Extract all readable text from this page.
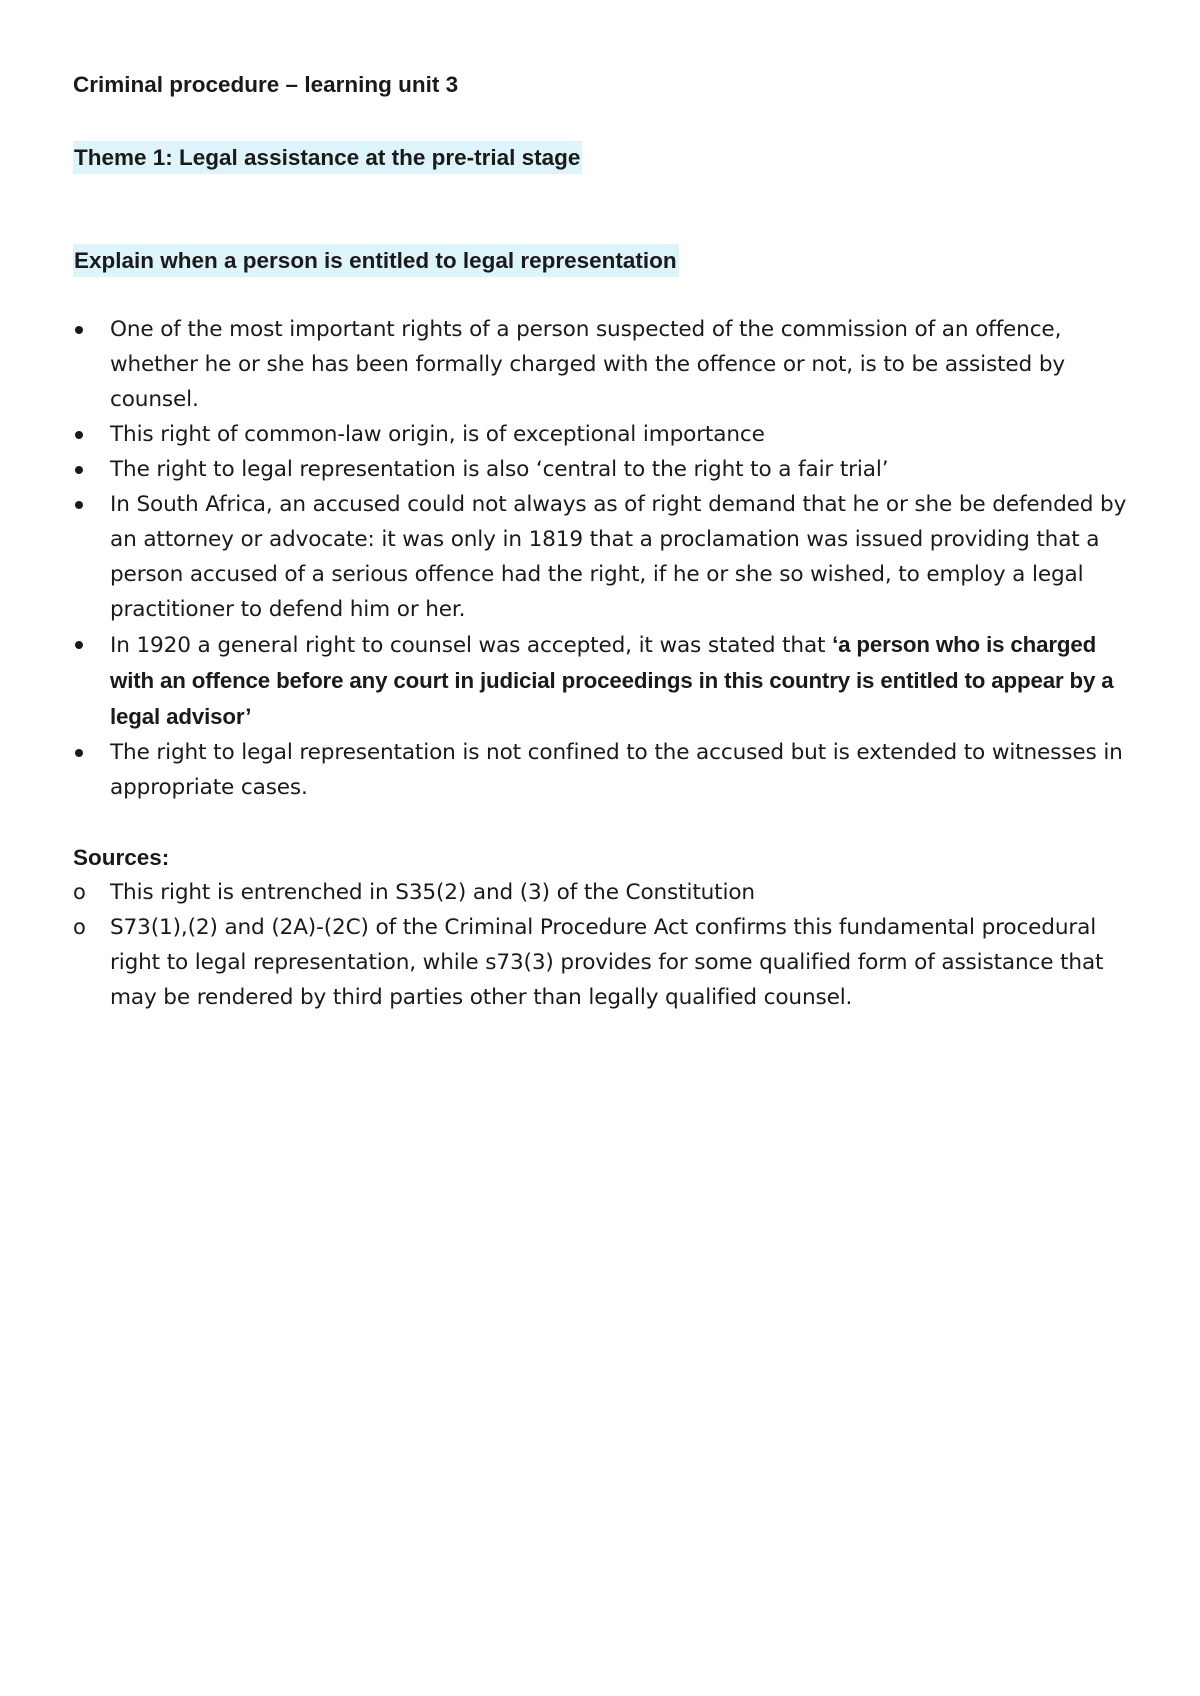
Criminal procedure – learning unit 3

Theme 1: Legal assistance at the pre-trial stage

Explain when a person is entitled to legal representation

One of the most important rights of a person suspected of the commission of an offence, whether he or she has been formally charged with the offence or not, is to be assisted by counsel.
This right of common-law origin, is of exceptional importance
The right to legal representation is also ‘central to the right to a fair trial’
In South Africa, an accused could not always as of right demand that he or she be defended by an attorney or advocate: it was only in 1819 that a proclamation was issued providing that a person accused of a serious offence had the right, if he or she so wished, to employ a legal practitioner to defend him or her.
In 1920 a general right to counsel was accepted, it was stated that ‘a person who is charged with an offence before any court in judicial proceedings in this country is entitled to appear by a legal advisor’
The right to legal representation is not confined to the accused but is extended to witnesses in appropriate cases.

Sources:

o This right is entrenched in S35(2) and (3) of the Constitution
o S73(1),(2) and (2A)-(2C) of the Criminal Procedure Act confirms this fundamental procedural right to legal representation, while s73(3) provides for some qualified form of assistance that may be rendered by third parties other than legally qualified counsel.
